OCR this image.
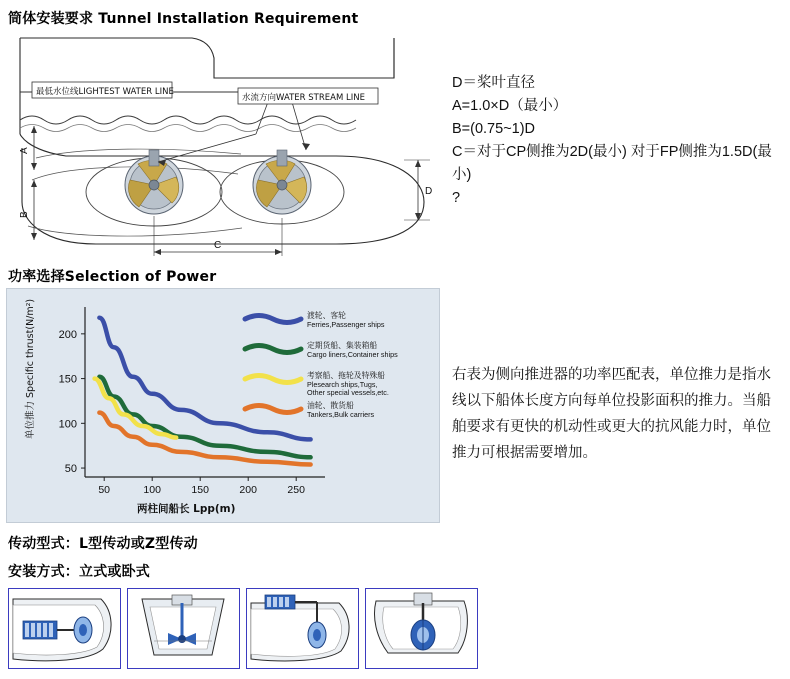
筒体安装要求 Tunnel Installation Requirement
最低水位线LIGHTEST WATER LINE
水流方向WATER STREAM LINE
A
B
D
C
D＝桨叶直径
A=1.0×D（最小）
B=(0.75~1)D
C＝对于CP侧推为2D(最小) 对于FP侧推为1.5D(最小)
?
功率选择Selection of Power
50	100	150	200	250
50
100
150
200
渡轮、客轮
Ferries,Passenger ships
定期货船、集装箱船
Cargo liners,Container ships
考察船、拖轮及特殊船
Plesearch ships,Tugs,
Other special vessels,etc.
油轮、散货船
Tankers,Bulk carriers
单位推力 Specific thrust(N/m²)
两柱间船长 Lpp(m)
右表为侧向推进器的功率匹配表，单位推力是指水线以下船体长度方向每单位投影面积的推力。当船舶要求有更快的机动性或更大的抗风能力时，单位推力可根据需要增加。
传动型式：L型传动或Z型传动
安装方式：立式或卧式
